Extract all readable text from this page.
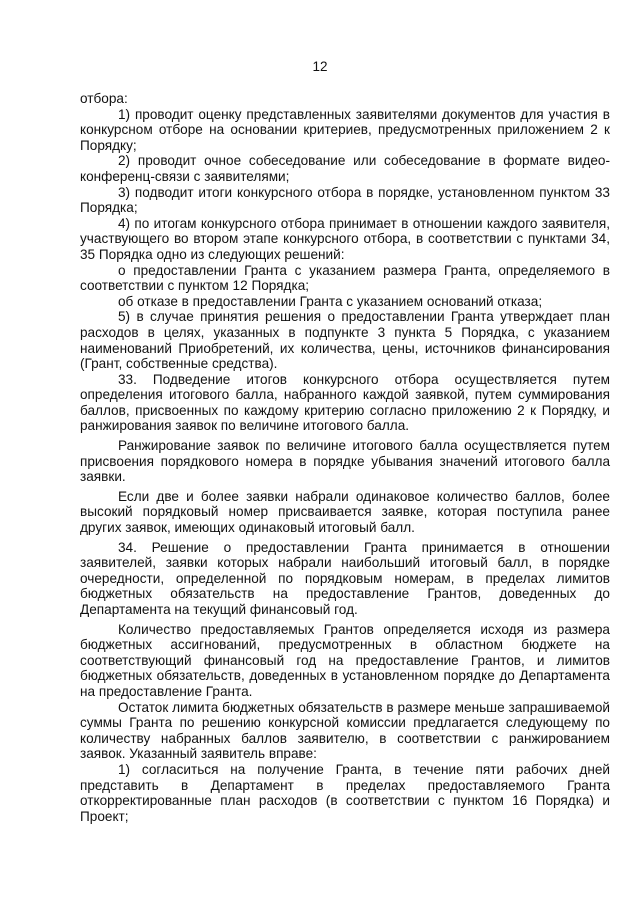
12

отбора:

1) проводит оценку представленных заявителями документов для участия в конкурсном отборе на основании критериев, предусмотренных приложением 2 к Порядку;

2) проводит очное собеседование или собеседование в формате видео-конференц-связи с заявителями;

3) подводит итоги конкурсного отбора в порядке, установленном пунктом 33 Порядка;

4) по итогам конкурсного отбора принимает в отношении каждого заявителя, участвующего во втором этапе конкурсного отбора, в соответствии с пунктами 34, 35 Порядка одно из следующих решений:

о предоставлении Гранта с указанием размера Гранта, определяемого в соответствии с пунктом 12 Порядка;

об отказе в предоставлении Гранта с указанием оснований отказа;

5) в случае принятия решения о предоставлении Гранта утверждает план расходов в целях, указанных в подпункте 3 пункта 5 Порядка, с указанием наименований Приобретений, их количества, цены, источников финансирования (Грант, собственные средства).

33. Подведение итогов конкурсного отбора осуществляется путем определения итогового балла, набранного каждой заявкой, путем суммирования баллов, присвоенных по каждому критерию согласно приложению 2 к Порядку, и ранжирования заявок по величине итогового балла.

Ранжирование заявок по величине итогового балла осуществляется путем присвоения порядкового номера в порядке убывания значений итогового балла заявки.

Если две и более заявки набрали одинаковое количество баллов, более высокий порядковый номер присваивается заявке, которая поступила ранее других заявок, имеющих одинаковый итоговый балл.

34. Решение о предоставлении Гранта принимается в отношении заявителей, заявки которых набрали наибольший итоговый балл, в порядке очередности, определенной по порядковым номерам, в пределах лимитов бюджетных обязательств на предоставление Грантов, доведенных до Департамента на текущий финансовый год.

Количество предоставляемых Грантов определяется исходя из размера бюджетных ассигнований, предусмотренных в областном бюджете на соответствующий финансовый год на предоставление Грантов, и лимитов бюджетных обязательств, доведенных в установленном порядке до Департамента на предоставление Гранта.

Остаток лимита бюджетных обязательств в размере меньше запрашиваемой суммы Гранта по решению конкурсной комиссии предлагается следующему по количеству набранных баллов заявителю, в соответствии с ранжированием заявок. Указанный заявитель вправе:

1) согласиться на получение Гранта, в течение пяти рабочих дней представить в Департамент в пределах предоставляемого Гранта откорректированные план расходов (в соответствии с пунктом 16 Порядка) и Проект;
